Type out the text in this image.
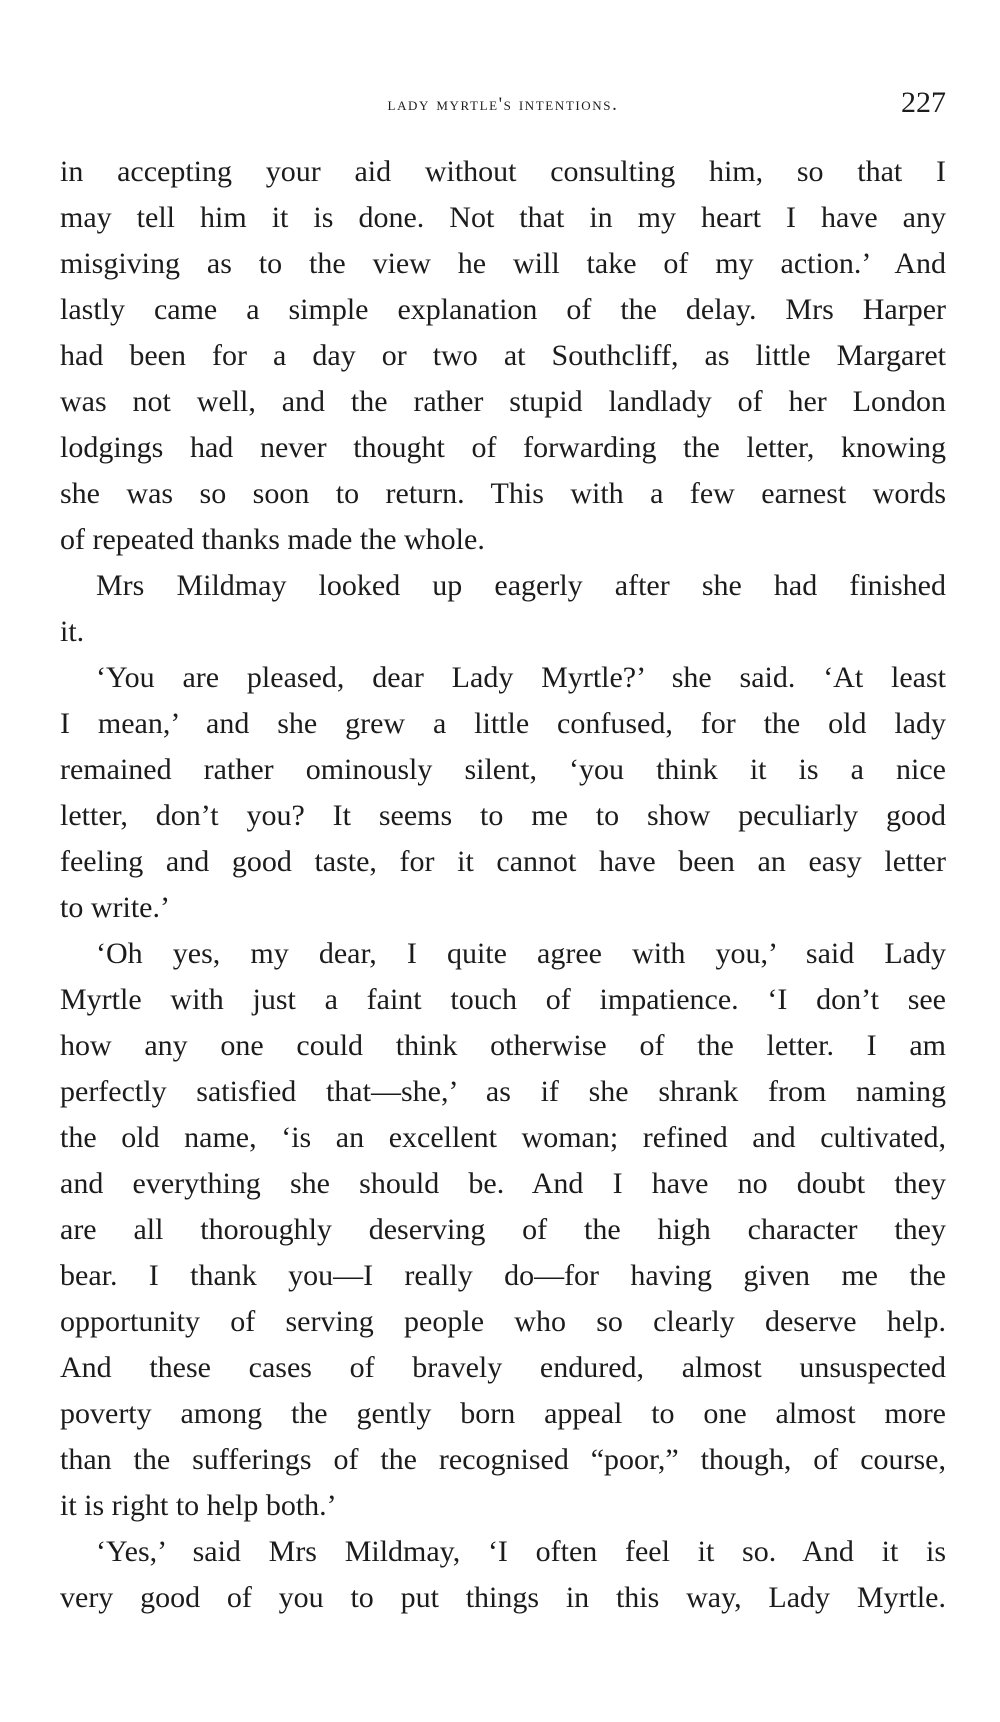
lady myrtle's intentions.	227
in accepting your aid without consulting him, so that I
may tell him it is done. Not that in my heart I have any
misgiving as to the view he will take of my action.’ And
lastly came a simple explanation of the delay. Mrs Harper
had been for a day or two at Southcliff, as little Margaret
was not well, and the rather stupid landlady of her London
lodgings had never thought of forwarding the letter, knowing
she was so soon to return. This with a few earnest words
of repeated thanks made the whole.
Mrs Mildmay looked up eagerly after she had finished
it.
‘You are pleased, dear Lady Myrtle?’ she said. ‘At least
I mean,’ and she grew a little confused, for the old lady
remained rather ominously silent, ‘you think it is a nice
letter, don’t you? It seems to me to show peculiarly good
feeling and good taste, for it cannot have been an easy letter
to write.’
‘Oh yes, my dear, I quite agree with you,’ said Lady
Myrtle with just a faint touch of impatience. ‘I don’t see
how any one could think otherwise of the letter. I am
perfectly satisfied that—she,’ as if she shrank from naming
the old name, ‘is an excellent woman; refined and cultivated,
and everything she should be. And I have no doubt they
are all thoroughly deserving of the high character they
bear. I thank you—I really do—for having given me the
opportunity of serving people who so clearly deserve help.
And these cases of bravely endured, almost unsuspected
poverty among the gently born appeal to one almost more
than the sufferings of the recognised “poor,” though, of course,
it is right to help both.’
‘Yes,’ said Mrs Mildmay, ‘I often feel it so. And it is
very good of you to put things in this way, Lady Myrtle.
